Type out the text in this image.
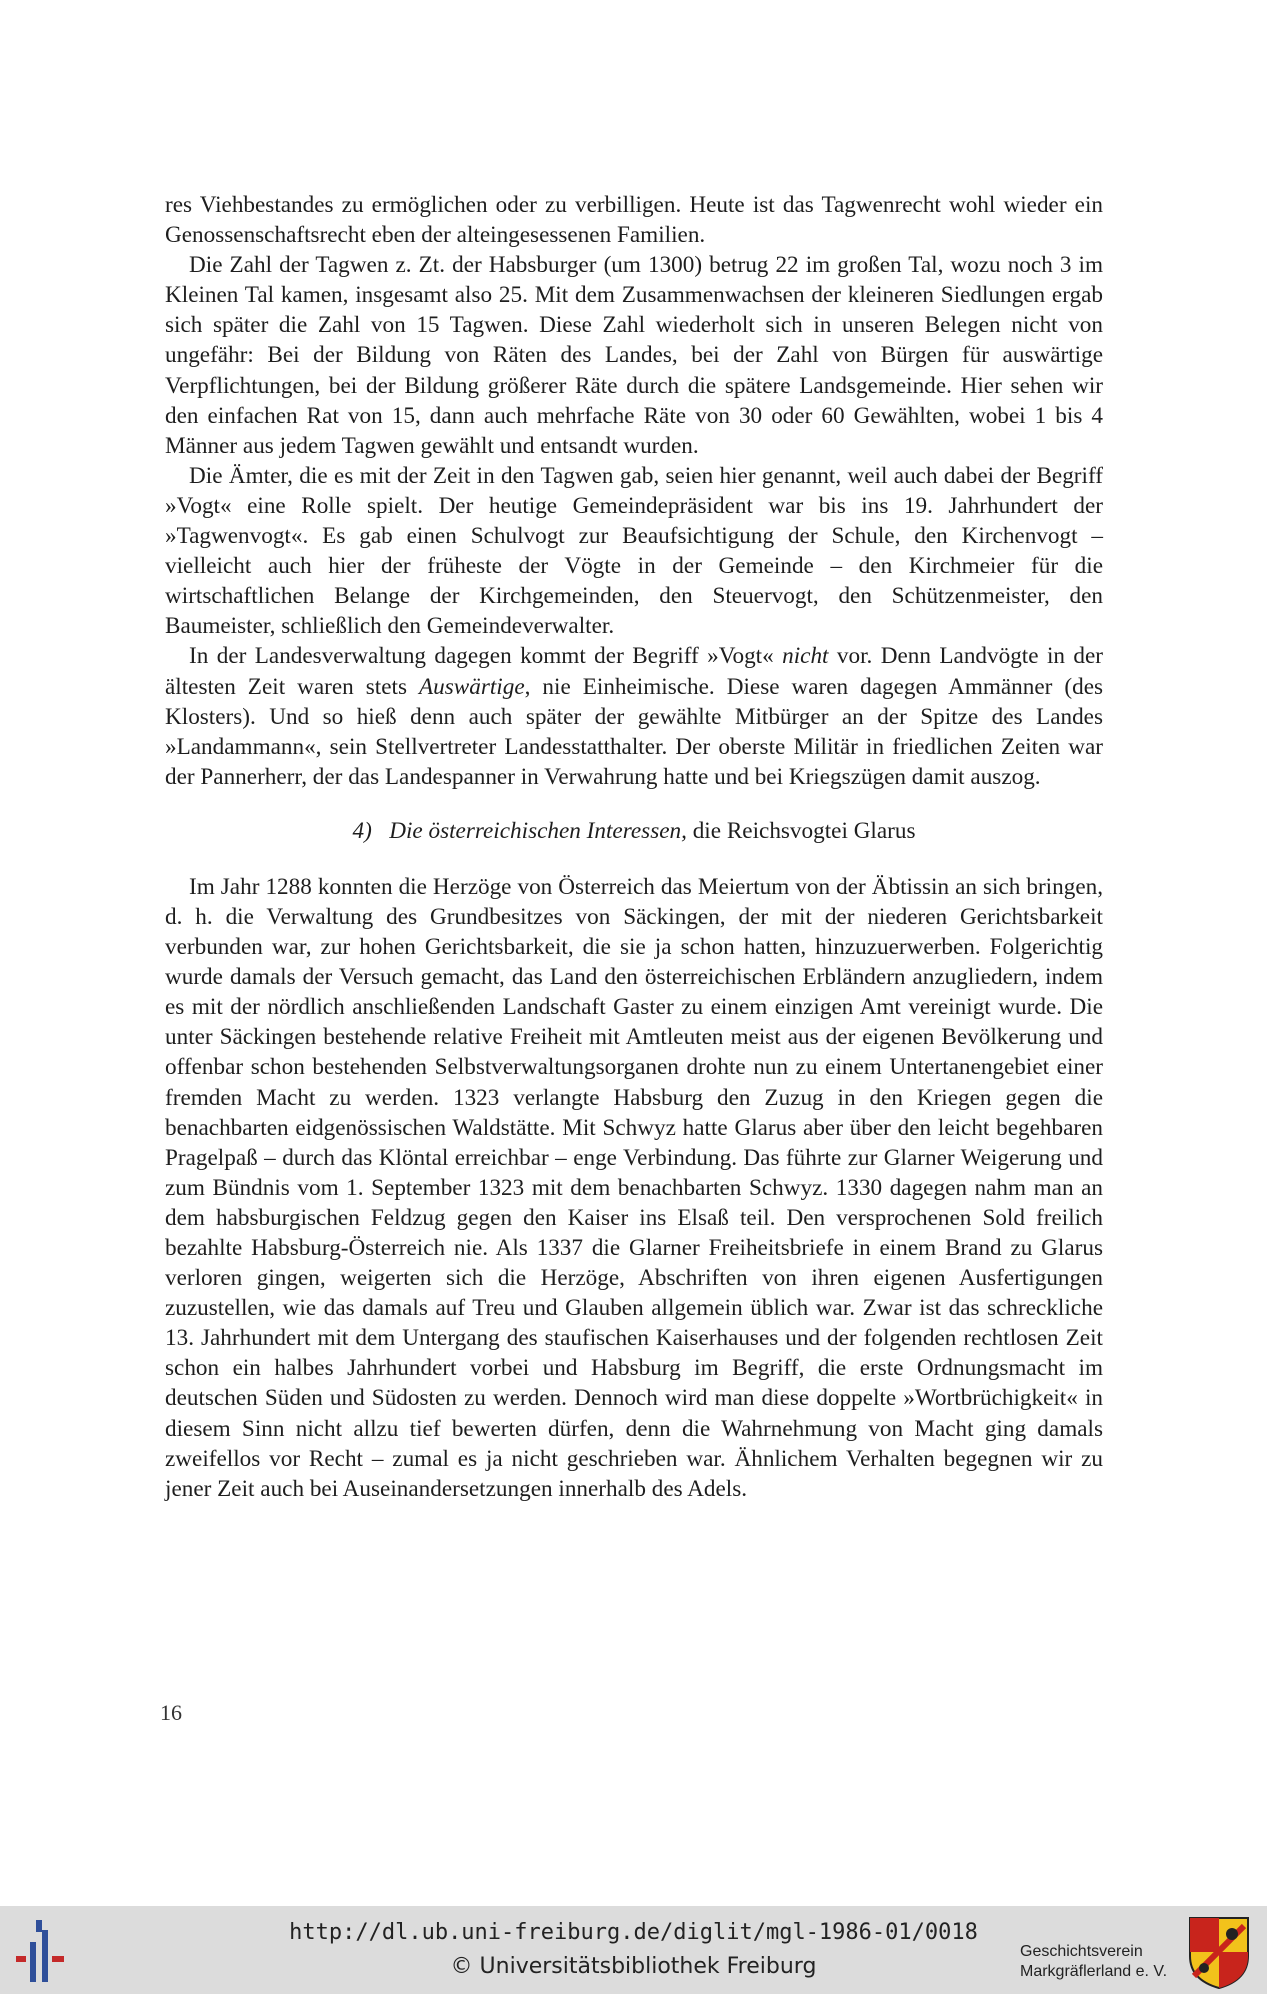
res Viehbestandes zu ermöglichen oder zu verbilligen. Heute ist das Tagwenrecht wohl wieder ein Genossenschaftsrecht eben der alteingesessenen Familien.

Die Zahl der Tagwen z. Zt. der Habsburger (um 1300) betrug 22 im großen Tal, wozu noch 3 im Kleinen Tal kamen, insgesamt also 25. Mit dem Zusammenwachsen der kleineren Siedlungen ergab sich später die Zahl von 15 Tagwen. Diese Zahl wiederholt sich in unseren Belegen nicht von ungefähr: Bei der Bildung von Räten des Landes, bei der Zahl von Bürgen für auswärtige Verpflichtungen, bei der Bildung größerer Räte durch die spätere Landsgemeinde. Hier sehen wir den einfachen Rat von 15, dann auch mehrfache Räte von 30 oder 60 Gewählten, wobei 1 bis 4 Männer aus jedem Tagwen gewählt und entsandt wurden.

Die Ämter, die es mit der Zeit in den Tagwen gab, seien hier genannt, weil auch dabei der Begriff »Vogt« eine Rolle spielt. Der heutige Gemeindepräsident war bis ins 19. Jahrhundert der »Tagwenvogt«. Es gab einen Schulvogt zur Beaufsichtigung der Schule, den Kirchenvogt – vielleicht auch hier der früheste der Vögte in der Gemeinde – den Kirchmeier für die wirtschaftlichen Belange der Kirchgemeinden, den Steuervogt, den Schützenmeister, den Baumeister, schließlich den Gemeindeverwalter.

In der Landesverwaltung dagegen kommt der Begriff »Vogt« nicht vor. Denn Landvögte in der ältesten Zeit waren stets Auswärtige, nie Einheimische. Diese waren dagegen Ammänner (des Klosters). Und so hieß denn auch später der gewählte Mitbürger an der Spitze des Landes »Landammann«, sein Stellvertreter Landesstatthalter. Der oberste Militär in friedlichen Zeiten war der Pannerherr, der das Landespanner in Verwahrung hatte und bei Kriegszügen damit auszog.

4) Die österreichischen Interessen, die Reichsvogtei Glarus

Im Jahr 1288 konnten die Herzöge von Österreich das Meiertum von der Äbtissin an sich bringen, d. h. die Verwaltung des Grundbesitzes von Säckingen, der mit der niederen Gerichtsbarkeit verbunden war, zur hohen Gerichtsbarkeit, die sie ja schon hatten, hinzuzuerwerben. Folgerichtig wurde damals der Versuch gemacht, das Land den österreichischen Erbländern anzugliedern, indem es mit der nördlich anschließenden Landschaft Gaster zu einem einzigen Amt vereinigt wurde. Die unter Säckingen bestehende relative Freiheit mit Amtleuten meist aus der eigenen Bevölkerung und offenbar schon bestehenden Selbstverwaltungsorganen drohte nun zu einem Untertanengebiet einer fremden Macht zu werden. 1323 verlangte Habsburg den Zuzug in den Kriegen gegen die benachbarten eidgenössischen Waldstätte. Mit Schwyz hatte Glarus aber über den leicht begehbaren Pragelpaß – durch das Klöntal erreichbar – enge Verbindung. Das führte zur Glarner Weigerung und zum Bündnis vom 1. September 1323 mit dem benachbarten Schwyz. 1330 dagegen nahm man an dem habsburgischen Feldzug gegen den Kaiser ins Elsaß teil. Den versprochenen Sold freilich bezahlte Habsburg-Österreich nie. Als 1337 die Glarner Freiheitsbriefe in einem Brand zu Glarus verloren gingen, weigerten sich die Herzöge, Abschriften von ihren eigenen Ausfertigungen zuzustellen, wie das damals auf Treu und Glauben allgemein üblich war. Zwar ist das schreckliche 13. Jahrhundert mit dem Untergang des staufischen Kaiserhauses und der folgenden rechtlosen Zeit schon ein halbes Jahrhundert vorbei und Habsburg im Begriff, die erste Ordnungsmacht im deutschen Süden und Südosten zu werden. Dennoch wird man diese doppelte »Wortbrüchigkeit« in diesem Sinn nicht allzu tief bewerten dürfen, denn die Wahrnehmung von Macht ging damals zweifellos vor Recht – zumal es ja nicht geschrieben war. Ähnlichem Verhalten begegnen wir zu jener Zeit auch bei Auseinandersetzungen innerhalb des Adels.

16
http://dl.ub.uni-freiburg.de/diglit/mgl-1986-01/0018
© Universitätsbibliothek Freiburg
Geschichtsverein
Markgräflerland e. V.
